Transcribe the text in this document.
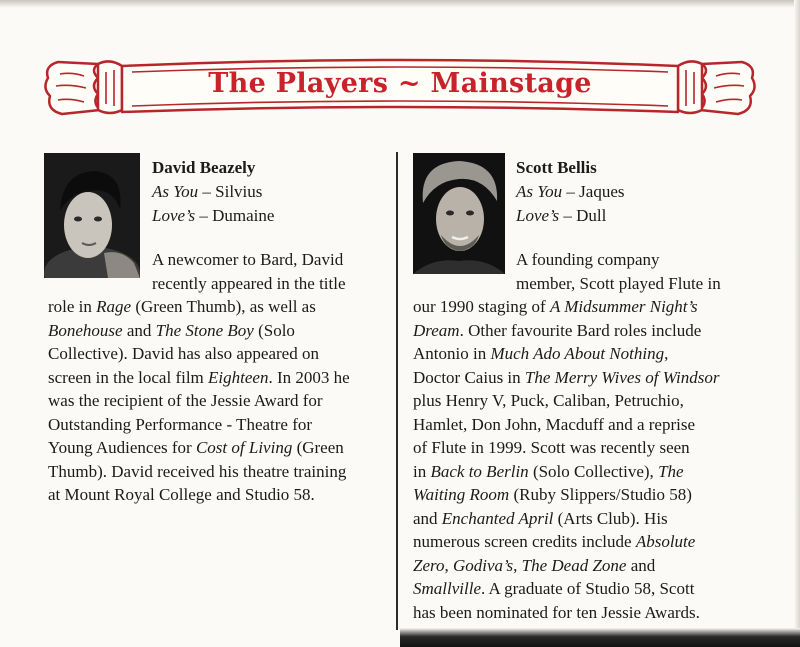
The Players ~ Mainstage
David Beazely
As You – Silvius
Love’s – Dumaine
A newcomer to Bard, David
recently appeared in the title
role in Rage (Green Thumb), as well as
Bonehouse and The Stone Boy (Solo
Collective). David has also appeared on
screen in the local film Eighteen. In 2003 he
was the recipient of the Jessie Award for
Outstanding Performance - Theatre for
Young Audiences for Cost of Living (Green
Thumb). David received his theatre training
at Mount Royal College and Studio 58.
Scott Bellis
As You – Jaques
Love’s – Dull
A founding company
member, Scott played Flute in
our 1990 staging of A Midsummer Night’s
Dream. Other favourite Bard roles include
Antonio in Much Ado About Nothing,
Doctor Caius in The Merry Wives of Windsor
plus Henry V, Puck, Caliban, Petruchio,
Hamlet, Don John, Macduff and a reprise
of Flute in 1999. Scott was recently seen
in Back to Berlin (Solo Collective), The
Waiting Room (Ruby Slippers/Studio 58)
and Enchanted April (Arts Club). His
numerous screen credits include Absolute
Zero, Godiva’s, The Dead Zone and
Smallville. A graduate of Studio 58, Scott
has been nominated for ten Jessie Awards.
